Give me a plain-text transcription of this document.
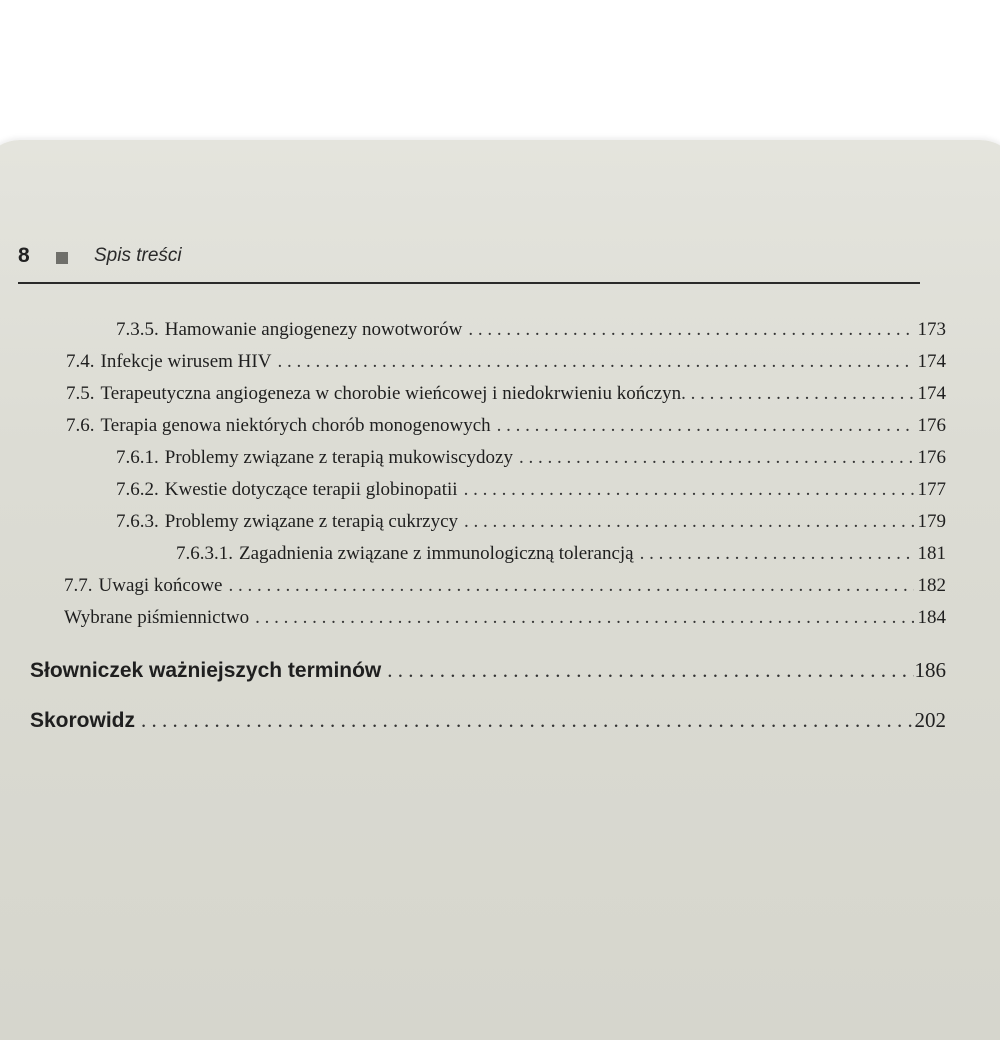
8	Spis treści
7.3.5. Hamowanie angiogenezy nowotworów . . .	173
7.4. Infekcje wirusem HIV . . .	174
7.5. Terapeutyczna angiogeneza w chorobie wieńcowej i niedokrwieniu kończyn . . .	174
7.6. Terapia genowa niektórych chorób monogenowych . . .	176
7.6.1. Problemy związane z terapią mukowiscydozy . . .	176
7.6.2. Kwestie dotyczące terapii globinopatii . . .	177
7.6.3. Problemy związane z terapią cukrzycy . . .	179
7.6.3.1. Zagadnienia związane z immunologiczną tolerancją . . .	181
7.7. Uwagi końcowe . . .	182
Wybrane piśmiennictwo . . .	184
Słowniczek ważniejszych terminów . . .	186
Skorowidz . . .	202
